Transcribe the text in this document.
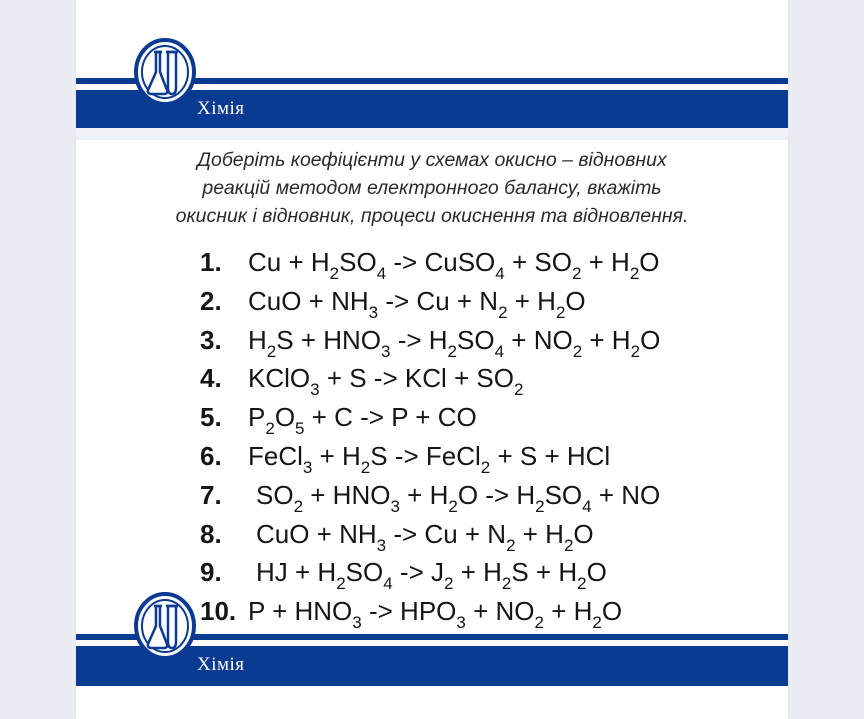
Хімія
Доберіть коефіцієнти у схемах окисно – відновних
реакцій методом електронного балансу, вкажіть
окисник і відновник, процеси окиснення та відновлення.
1. $Cu + H_2SO_4$ -> CuSO$_4$ + $SO_2 + H_2O$
2. CuO + $NH_3 -> Cu + N_2 + H_2O$
3. $H_2S + HNO_3 -> H_2SO_4 + NO_2 + H_2O$
4. KClO$_3$ + S -> KCl + $SO_2$
5. $P_2O_5 + C -> P$ + CO
6. FeCl$_3$ + $H_2S$ -> FeCl$_2$ + S + HCl
7. $SO_2 + HNO_3 + H_2O -> H_2SO_4$ + NO
8. CuO + $NH_3 -> Cu + N_2 + H_2O$
9. HJ + $H_2SO_4 -> J_2 + H_2S + H_2O$
10. $P + HNO_3 -> HPO_3 + NO_2 + H_2O$
Хімія
